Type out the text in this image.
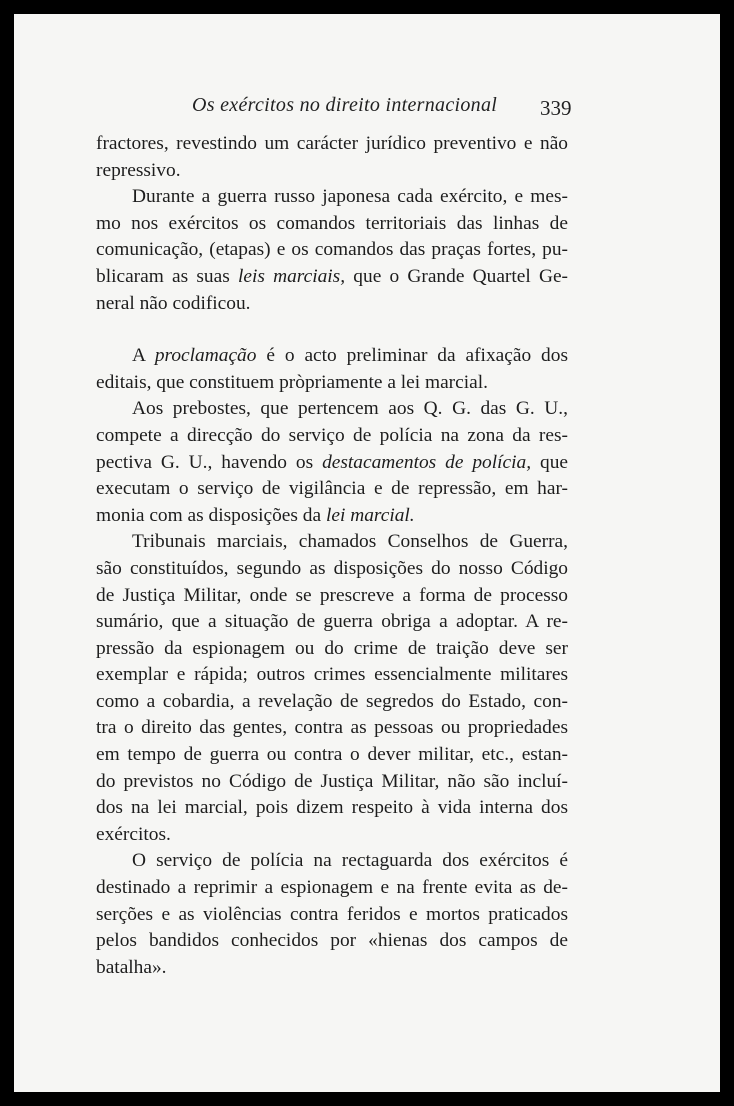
Os exércitos no direito internacional 339

fractores, revestindo um carácter jurídico preventivo e não
repressivo.

Durante a guerra russo japonesa cada exército, e mes-
mo nos exércitos os comandos territoriais das linhas de
comunicação, (etapas) e os comandos das praças fortes, pu-
blicaram as suas leis marciais, que o Grande Quartel Ge-
neral não codificou.

A proclamação é o acto preliminar da afixação dos
editais, que constituem pròpriamente a lei marcial.

Aos prebostes, que pertencem aos Q. G. das G. U.,
compete a direcção do serviço de polícia na zona da res-
pectiva G. U., havendo os destacamentos de polícia, que
executam o serviço de vigilância e de repressão, em har-
monia com as disposições da lei marcial.

Tribunais marciais, chamados Conselhos de Guerra,
são constituídos, segundo as disposições do nosso Código
de Justiça Militar, onde se prescreve a forma de processo
sumário, que a situação de guerra obriga a adoptar. A re-
pressão da espionagem ou do crime de traição deve ser
exemplar e rápida; outros crimes essencialmente militares
como a cobardia, a revelação de segredos do Estado, con-
tra o direito das gentes, contra as pessoas ou propriedades
em tempo de guerra ou contra o dever militar, etc., estan-
do previstos no Código de Justiça Militar, não são incluí-
dos na lei marcial, pois dizem respeito à vida interna dos
exércitos.

O serviço de polícia na rectaguarda dos exércitos é
destinado a reprimir a espionagem e na frente evita as de-
serções e as violências contra feridos e mortos praticados
pelos bandidos conhecidos por «hienas dos campos de
batalha».
